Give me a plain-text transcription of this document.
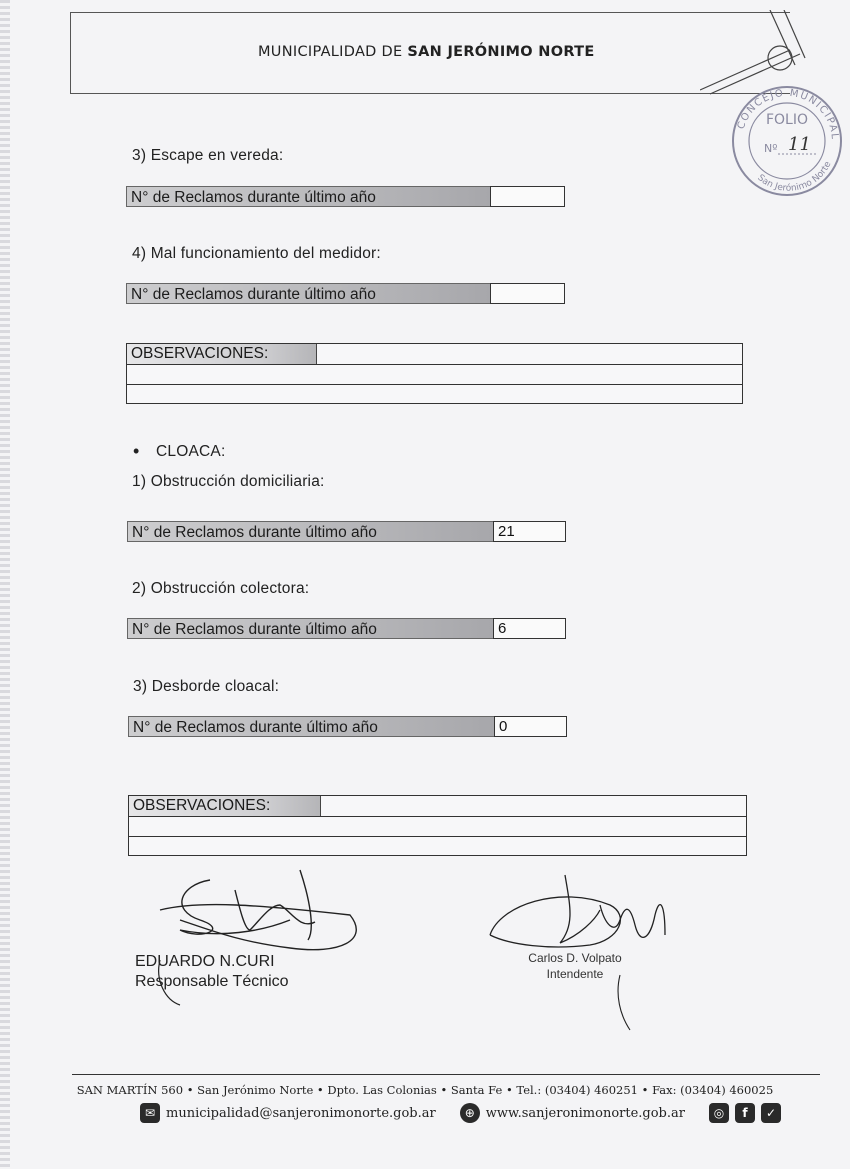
MUNICIPALIDAD DE SAN JERÓNIMO NORTE
CONCEJO MUNICIPAL
FOLIO
Nº 11
San Jerónimo Norte
3) Escape en vereda:
N° de Reclamos durante último año
4) Mal funcionamiento del medidor:
N° de Reclamos durante último año
OBSERVACIONES:
• CLOACA:
1) Obstrucción domiciliaria:
N° de Reclamos durante último año	21
2) Obstrucción colectora:
N° de Reclamos durante último año	6
3) Desborde cloacal:
N° de Reclamos durante último año	0
OBSERVACIONES:
EDUARDO N.CURI
Responsable Técnico
Carlos D. Volpato
Intendente
SAN MARTÍN 560 • San Jerónimo Norte • Dpto. Las Colonias • Santa Fe • Tel.: (03404) 460251 • Fax: (03404) 460025
✉ municipalidad@sanjeronimonorte.gob.ar	⊕ www.sanjeronimonorte.gob.ar	◎	f	✓
